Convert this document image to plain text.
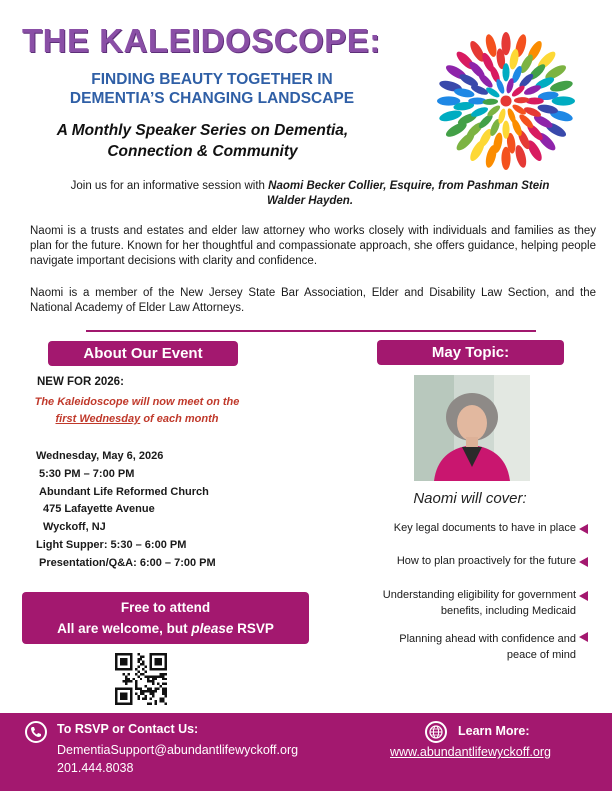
THE KALEIDOSCOPE:
FINDING BEAUTY TOGETHER IN
DEMENTIA’S CHANGING LANDSCAPE
A Monthly Speaker Series on Dementia,
Connection & Community
Join us for an informative session with Naomi Becker Collier, Esquire, from Pashman Stein Walder Hayden.
Naomi is a trusts and estates and elder law attorney who works closely with individuals and families as they plan for the future. Known for her thoughtful and compassionate approach, she offers guidance, helping people navigate important decisions with clarity and confidence.
Naomi is a member of the New Jersey State Bar Association, Elder and Disability Law Section, and the National Academy of Elder Law Attorneys.
About Our Event	May Topic:
NEW FOR 2026:
The Kaleidoscope will now meet on the
first Wednesday of each month
Wednesday, May 6, 2026
5:30 PM – 7:00 PM
Abundant Life Reformed Church
475 Lafayette Avenue
Wyckoff, NJ
Light Supper: 5:30 – 6:00 PM
Presentation/Q&A: 6:00 – 7:00 PM
Free to attend
All are welcome, but please RSVP
Naomi will cover:
Key legal documents to have in place
How to plan proactively for the future
Understanding eligibility for government
benefits, including Medicaid
Planning ahead with confidence and
peace of mind
To RSVP or Contact Us:
DementiaSupport@abundantlifewyckoff.org
201.444.8038
Learn More:
www.abundantlifewyckoff.org
